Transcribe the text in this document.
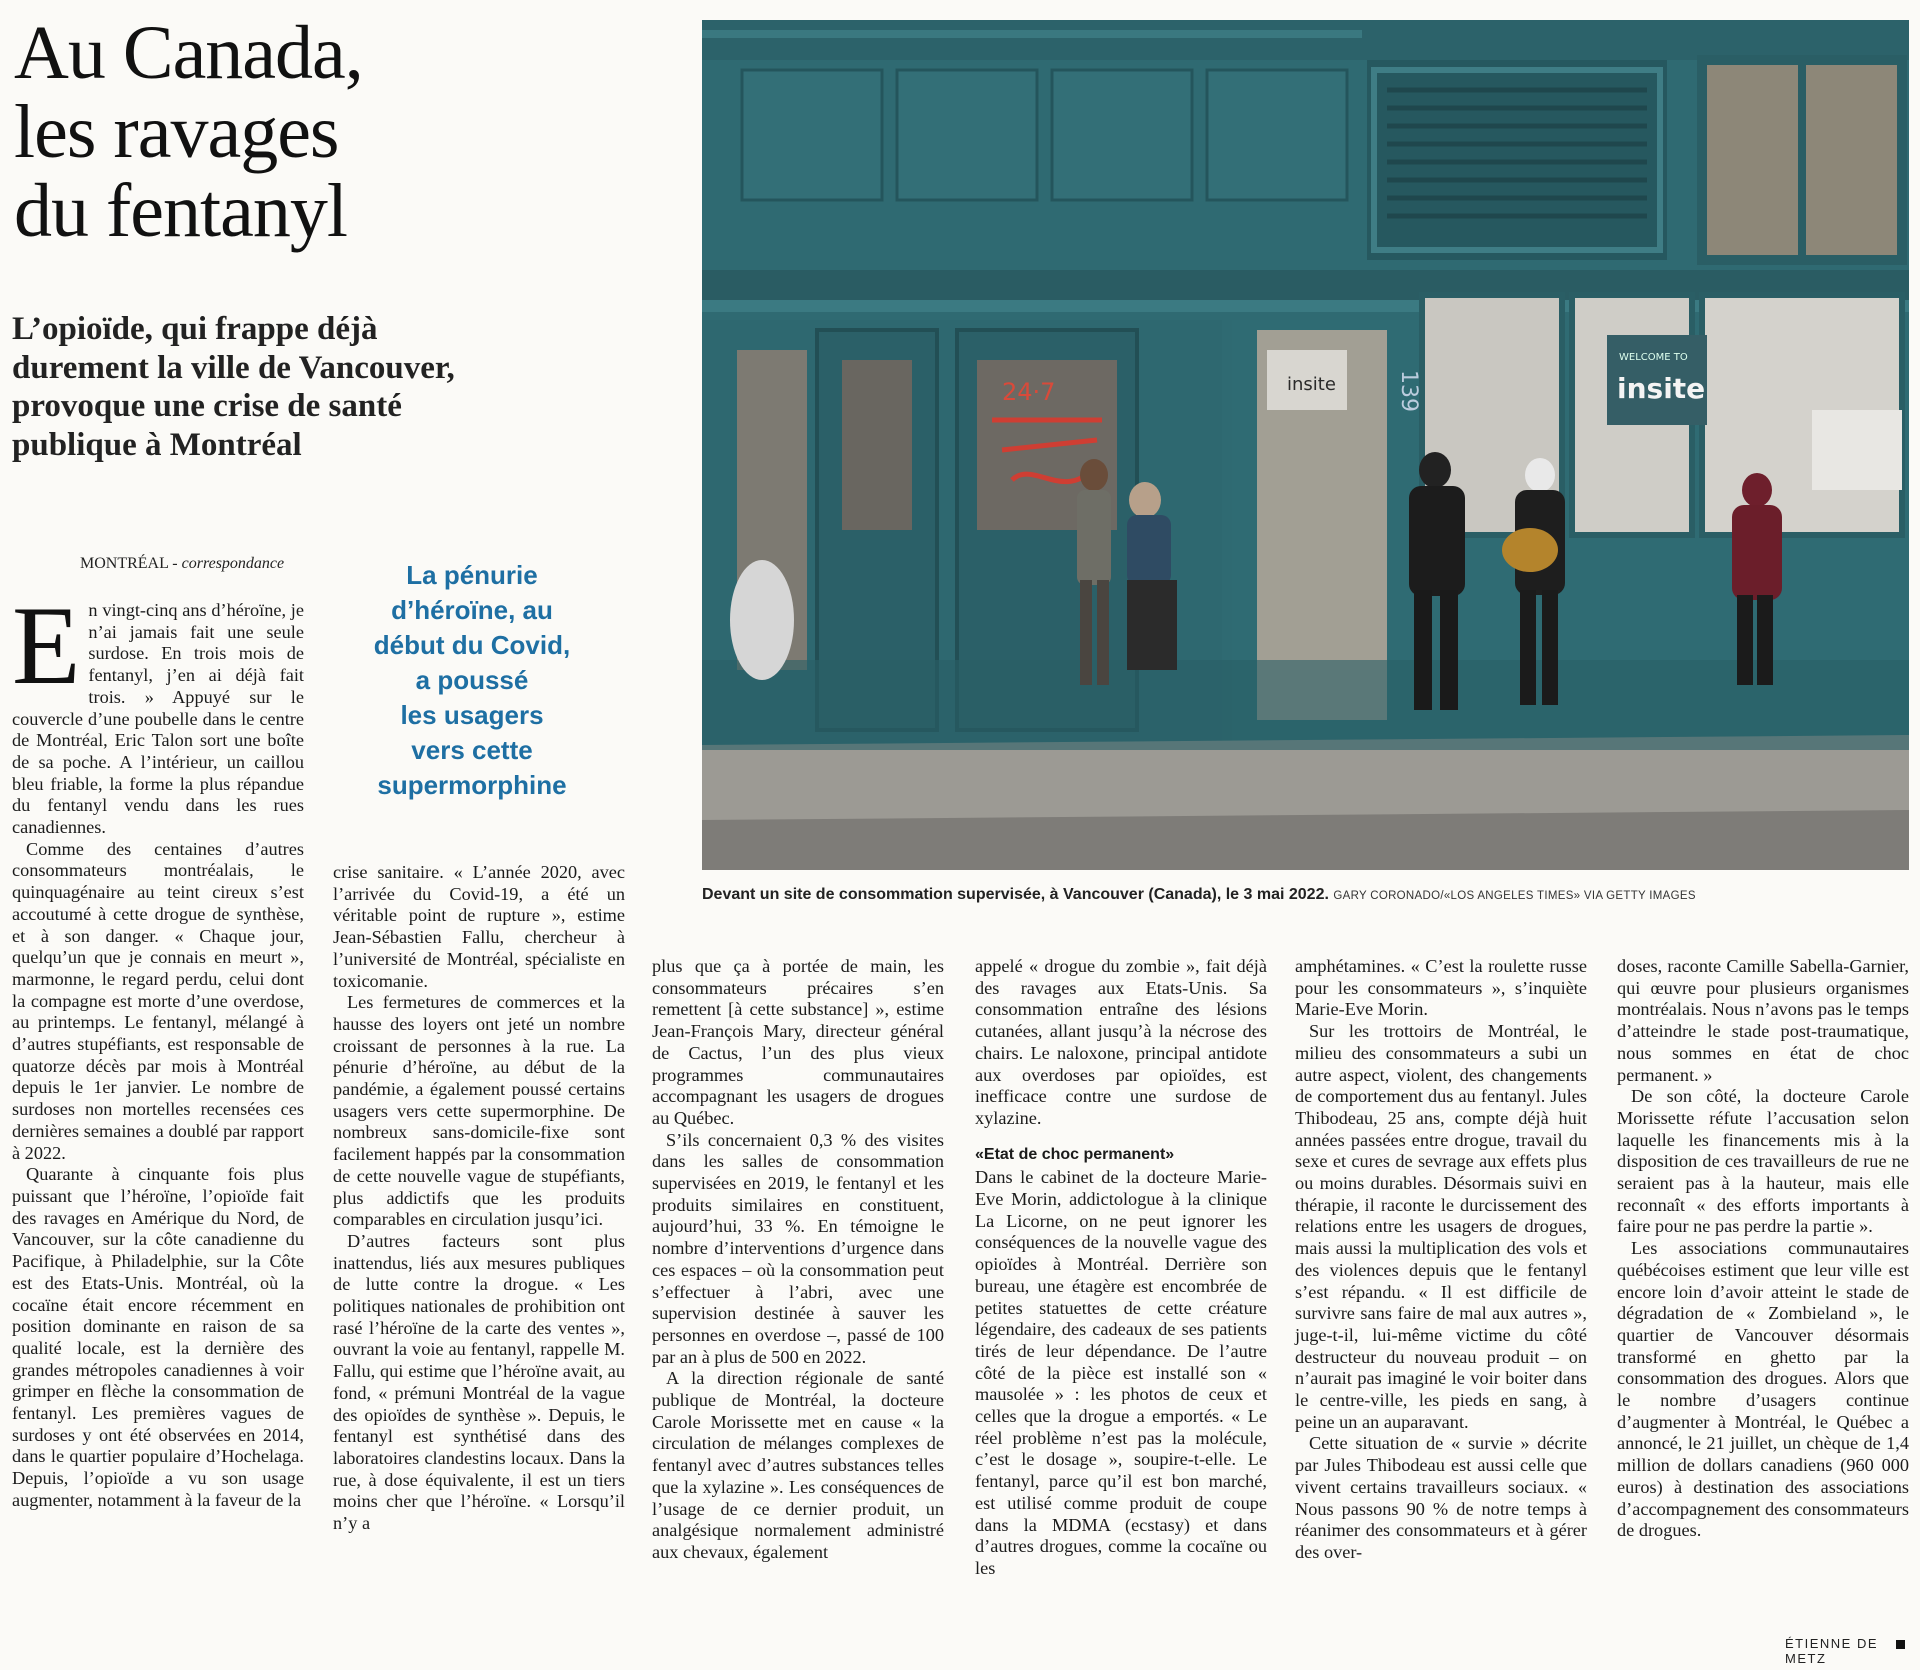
Au Canada,
les ravages
du fentanyl
L’opioïde, qui frappe déjà
durement la ville de Vancouver,
provoque une crise de santé
publique à Montréal
MONTRÉAL - correspondance	La pénurie
d’héroïne, au
début du Covid,
a poussé
les usagers
vers cette
supermorphine
24·7	insite	139
WELCOME TO
insite
Devant un site de consommation supervisée, à Vancouver (Canada), le 3 mai 2022. GARY CORONADO/«LOS ANGELES TIMES» VIA GETTY IMAGES
E n vingt-cinq ans d’héroïne, je n’ai jamais fait une seule surdose. En trois mois de fentanyl, j’en ai déjà fait trois. » Appuyé sur le couvercle d’une poubelle dans le centre de Montréal, Eric Talon sort une boîte de sa poche. A l’intérieur, un caillou bleu friable, la forme la plus répandue du fentanyl vendu dans les rues canadiennes.

Comme des centaines d’autres consommateurs montréalais, le quinquagénaire au teint cireux s’est accoutumé à cette drogue de synthèse, et à son danger. « Chaque jour, quelqu’un que je connais en meurt », marmonne, le regard perdu, celui dont la compagne est morte d’une overdose, au printemps. Le fentanyl, mélangé à d’autres stupéfiants, est responsable de quatorze décès par mois à Montréal depuis le 1er janvier. Le nombre de surdoses non mortelles recensées ces dernières semaines a doublé par rapport à 2022.

Quarante à cinquante fois plus puissant que l’héroïne, l’opioïde fait des ravages en Amérique du Nord, de Vancouver, sur la côte canadienne du Pacifique, à Philadelphie, sur la Côte est des Etats-Unis. Montréal, où la cocaïne était encore récemment en position dominante en raison de sa qualité locale, est la dernière des grandes métropoles canadiennes à voir grimper en flèche la consommation de fentanyl. Les premières vagues de surdoses y ont été observées en 2014, dans le quartier populaire d’Hochelaga. Depuis, l’opioïde a vu son usage augmenter, notamment à la faveur de la

crise sanitaire. « L’année 2020, avec l’arrivée du Covid-19, a été un véritable point de rupture », estime Jean-Sébastien Fallu, chercheur à l’université de Montréal, spécialiste en toxicomanie.

Les fermetures de commerces et la hausse des loyers ont jeté un nombre croissant de personnes à la rue. La pénurie d’héroïne, au début de la pandémie, a également poussé certains usagers vers cette supermorphine. De nombreux sans-domicile-fixe sont facilement happés par la consommation de cette nouvelle vague de stupéfiants, plus addictifs que les produits comparables en circulation jusqu’ici.

D’autres facteurs sont plus inattendus, liés aux mesures publiques de lutte contre la drogue. « Les politiques nationales de prohibition ont rasé l’héroïne de la carte des ventes », ouvrant la voie au fentanyl, rappelle M. Fallu, qui estime que l’héroïne avait, au fond, « prémuni Montréal de la vague des opioïdes de synthèse ». Depuis, le fentanyl est synthétisé dans des laboratoires clandestins locaux. Dans la rue, à dose équivalente, il est un tiers moins cher que l’héroïne. « Lorsqu’il n’y a

plus que ça à portée de main, les consommateurs précaires s’en remettent [à cette substance] », estime Jean-François Mary, directeur général de Cactus, l’un des plus vieux programmes communautaires accompagnant les usagers de drogues au Québec.

S’ils concernaient 0,3 % des visites dans les salles de consommation supervisées en 2019, le fentanyl et les produits similaires en constituent, aujourd’hui, 33 %. En témoigne le nombre d’interventions d’urgence dans ces espaces – où la consommation peut s’effectuer à l’abri, avec une supervision destinée à sauver les personnes en overdose –, passé de 100 par an à plus de 500 en 2022.

A la direction régionale de santé publique de Montréal, la docteure Carole Morissette met en cause « la circulation de mélanges complexes de fentanyl avec d’autres substances telles que la xylazine ». Les conséquences de l’usage de ce dernier produit, un analgésique normalement administré aux chevaux, également

appelé « drogue du zombie », fait déjà des ravages aux Etats-Unis. Sa consommation entraîne des lésions cutanées, allant jusqu’à la nécrose des chairs. Le naloxone, principal antidote aux overdoses par opioïdes, est inefficace contre une surdose de xylazine.

«Etat de choc permanent»

Dans le cabinet de la docteure Marie-Eve Morin, addictologue à la clinique La Licorne, on ne peut ignorer les conséquences de la nouvelle vague des opioïdes à Montréal. Derrière son bureau, une étagère est encombrée de petites statuettes de cette créature légendaire, des cadeaux de ses patients tirés de leur dépendance. De l’autre côté de la pièce est installé son « mausolée » : les photos de ceux et celles que la drogue a emportés. « Le réel problème n’est pas la molécule, c’est le dosage », soupire-t-elle. Le fentanyl, parce qu’il est bon marché, est utilisé comme produit de coupe dans la MDMA (ecstasy) et dans d’autres drogues, comme la cocaïne ou les

amphétamines. « C’est la roulette russe pour les consommateurs », s’inquiète Marie-Eve Morin.

Sur les trottoirs de Montréal, le milieu des consommateurs a subi un autre aspect, violent, des changements de comportement dus au fentanyl. Jules Thibodeau, 25 ans, compte déjà huit années passées entre drogue, travail du sexe et cures de sevrage aux effets plus ou moins durables. Désormais suivi en thérapie, il raconte le durcissement des relations entre les usagers de drogues, mais aussi la multiplication des vols et des violences depuis que le fentanyl s’est répandu. « Il est difficile de survivre sans faire de mal aux autres », juge-t-il, lui-même victime du côté destructeur du nouveau produit – on n’aurait pas imaginé le voir boiter dans le centre-ville, les pieds en sang, à peine un an auparavant.

Cette situation de « survie » décrite par Jules Thibodeau est aussi celle que vivent certains travailleurs sociaux. « Nous passons 90 % de notre temps à réanimer des consommateurs et à gérer des over-

doses, raconte Camille Sabella-Garnier, qui œuvre pour plusieurs organismes montréalais. Nous n’avons pas le temps d’atteindre le stade post-traumatique, nous sommes en état de choc permanent. »

De son côté, la docteure Carole Morissette réfute l’accusation selon laquelle les financements mis à la disposition de ces travailleurs de rue ne seraient pas à la hauteur, mais elle reconnaît « des efforts importants à faire pour ne pas perdre la partie ».

Les associations communautaires québécoises estiment que leur ville est encore loin d’avoir atteint le stade de dégradation de « Zombieland », le quartier de Vancouver désormais transformé en ghetto par la consommation des drogues. Alors que le nombre d’usagers continue d’augmenter à Montréal, le Québec a annoncé, le 21 juillet, un chèque de 1,4 million de dollars canadiens (960 000 euros) à destination des associations d’accompagnement des consommateurs de drogues.

ÉTIENNE DE METZ
